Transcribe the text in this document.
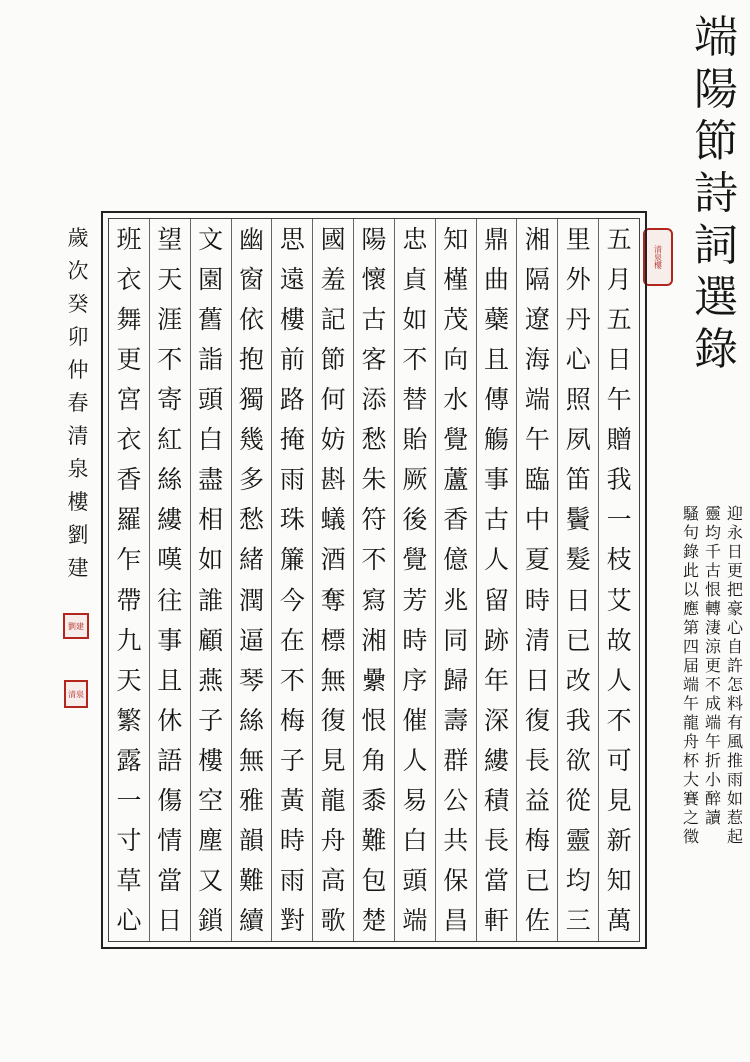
端
陽
節
詩
詞
選
錄
清泉樓
五
月
五
日
午
贈
我
一
枝
艾
故
人
不
可
見
新
知
萬
里
外
丹
心
照
夙
笛
鬢
髮
日
已
改
我
欲
從
靈
均
三
湘
隔
遼
海
端
午
臨
中
夏
時
清
日
復
長
益
梅
已
佐
鼎
曲
蘗
且
傳
觴
事
古
人
留
跡
年
深
縷
積
長
當
軒
知
槿
茂
向
水
覺
蘆
香
億
兆
同
歸
壽
群
公
共
保
昌
忠
貞
如
不
替
貽
厥
後
覺
芳
時
序
催
人
易
白
頭
端
陽
懷
古
客
添
愁
朱
符
不
寫
湘
纍
恨
角
黍
難
包
楚
國
羞
記
節
何
妨
斟
蟻
酒
奪
標
無
復
見
龍
舟
高
歌
思
遠
樓
前
路
掩
雨
珠
簾
今
在
不
梅
子
黃
時
雨
對
幽
窗
依
抱
獨
幾
多
愁
緒
潤
逼
琴
絲
無
雅
韻
難
續
文
園
舊
詣
頭
白
盡
相
如
誰
顧
燕
子
樓
空
塵
又
鎖
望
天
涯
不
寄
紅
絲
縷
嘆
往
事
且
休
語
傷
情
當
日
班
衣
舞
更
宮
衣
香
羅
乍
帶
九
天
繁
露
一
寸
草
心
歲
次
癸
卯
仲
春
清
泉
樓
劉
建
劉建
清泉
迎
永
日
更
把
豪
心
自
許
怎
料
有
風
推
雨
如
惹
起
靈
均
千
古
恨
轉
淒
涼
更
不
成
端
午
折
小
醉
讀
騷
句
錄
此
以
應
第
四
届
端
午
龍
舟
杯
大
賽
之
徵
